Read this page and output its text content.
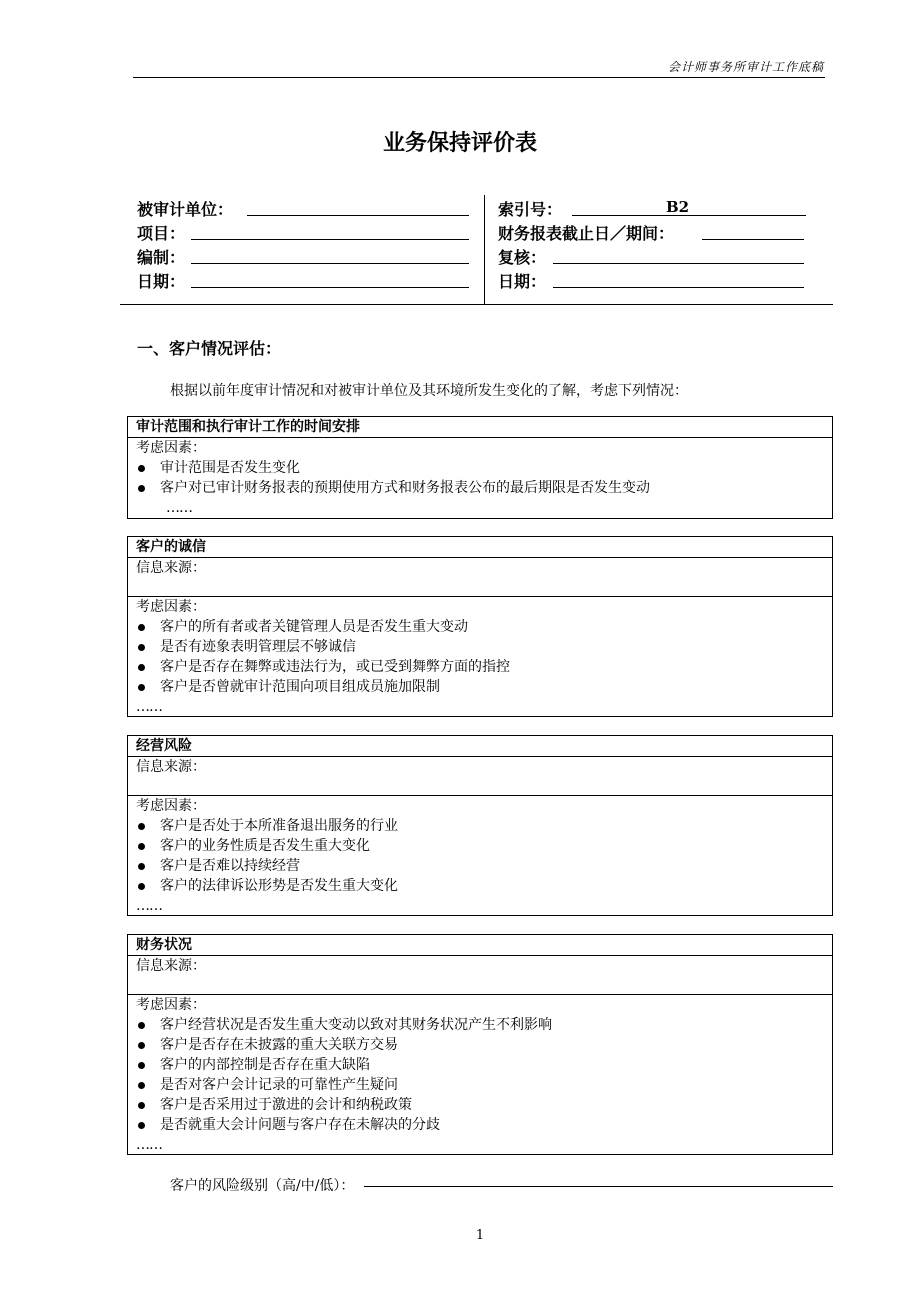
会计师事务所审计工作底稿
业务保持评价表
被审计单位：
项目：
编制：
日期：
索引号：	B2
财务报表截止日／期间：
复核：
日期：
一、客户情况评估：
根据以前年度审计情况和对被审计单位及其环境所发生变化的了解，考虑下列情况：
审计范围和执行审计工作的时间安排
考虑因素：
审计范围是否发生变化
客户对已审计财务报表的预期使用方式和财务报表公布的最后期限是否发生变动
……
客户的诚信
信息来源：
考虑因素：
客户的所有者或者关键管理人员是否发生重大变动
是否有迹象表明管理层不够诚信
客户是否存在舞弊或违法行为，或已受到舞弊方面的指控
客户是否曾就审计范围向项目组成员施加限制
……
经营风险
信息来源：
考虑因素：
客户是否处于本所准备退出服务的行业
客户的业务性质是否发生重大变化
客户是否难以持续经营
客户的法律诉讼形势是否发生重大变化
……
财务状况
信息来源：
考虑因素：
客户经营状况是否发生重大变动以致对其财务状况产生不利影响
客户是否存在未披露的重大关联方交易
客户的内部控制是否存在重大缺陷
是否对客户会计记录的可靠性产生疑问
客户是否采用过于激进的会计和纳税政策
是否就重大会计问题与客户存在未解决的分歧
……
客户的风险级别（高/中/低）：
1
